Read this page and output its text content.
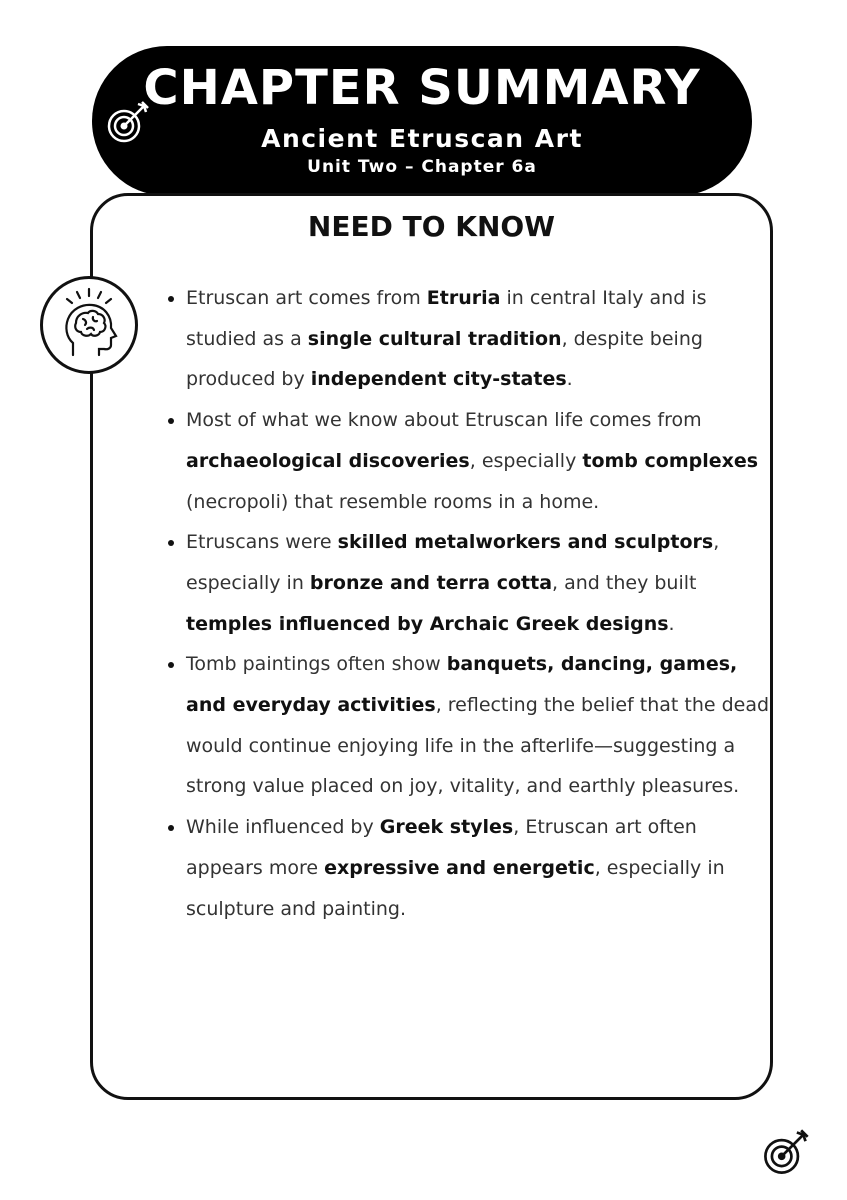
CHAPTER SUMMARY
Ancient Etruscan Art
Unit Two – Chapter 6a
NEED TO KNOW
• Etruscan art comes from Etruria in central Italy and is studied as a single cultural tradition, despite being produced by independent city-states.
• Most of what we know about Etruscan life comes from archaeological discoveries, especially tomb complexes (necropoli) that resemble rooms in a home.
• Etruscans were skilled metalworkers and sculptors, especially in bronze and terra cotta, and they built temples influenced by Archaic Greek designs.
• Tomb paintings often show banquets, dancing, games, and everyday activities, reflecting the belief that the dead would continue enjoying life in the afterlife—suggesting a strong value placed on joy, vitality, and earthly pleasures.
• While influenced by Greek styles, Etruscan art often appears more expressive and energetic, especially in sculpture and painting.
